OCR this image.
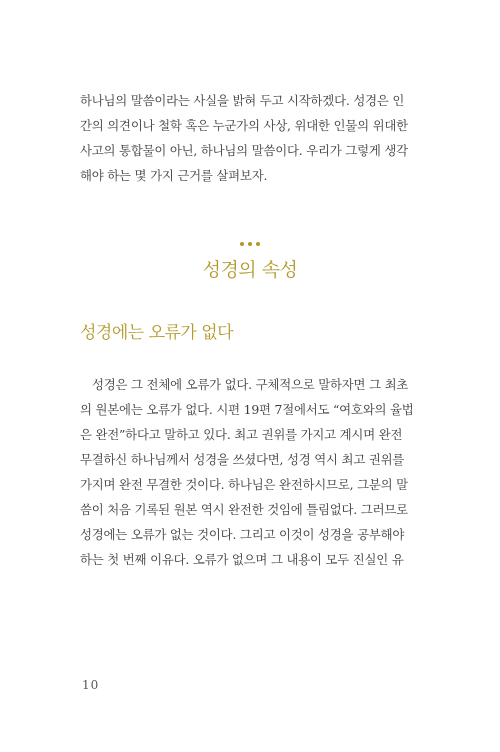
하나님의 말씀이라는 사실을 밝혀 두고 시작하겠다. 성경은 인
간의 의견이나 철학 혹은 누군가의 사상, 위대한 인물의 위대한
사고의 통합물이 아닌, 하나님의 말씀이다. 우리가 그렇게 생각
해야 하는 몇 가지 근거를 살펴보자.
성경의 속성
성경에는 오류가 없다
성경은 그 전체에 오류가 없다. 구체적으로 말하자면 그 최초
의 원본에는 오류가 없다. 시편 19편 7절에서도 “여호와의 율법
은 완전”하다고 말하고 있다. 최고 권위를 가지고 계시며 완전
무결하신 하나님께서 성경을 쓰셨다면, 성경 역시 최고 권위를
가지며 완전 무결한 것이다. 하나님은 완전하시므로, 그분의 말
씀이 처음 기록된 원본 역시 완전한 것임에 틀림없다. 그러므로
성경에는 오류가 없는 것이다. 그리고 이것이 성경을 공부해야
하는 첫 번째 이유다. 오류가 없으며 그 내용이 모두 진실인 유
10
